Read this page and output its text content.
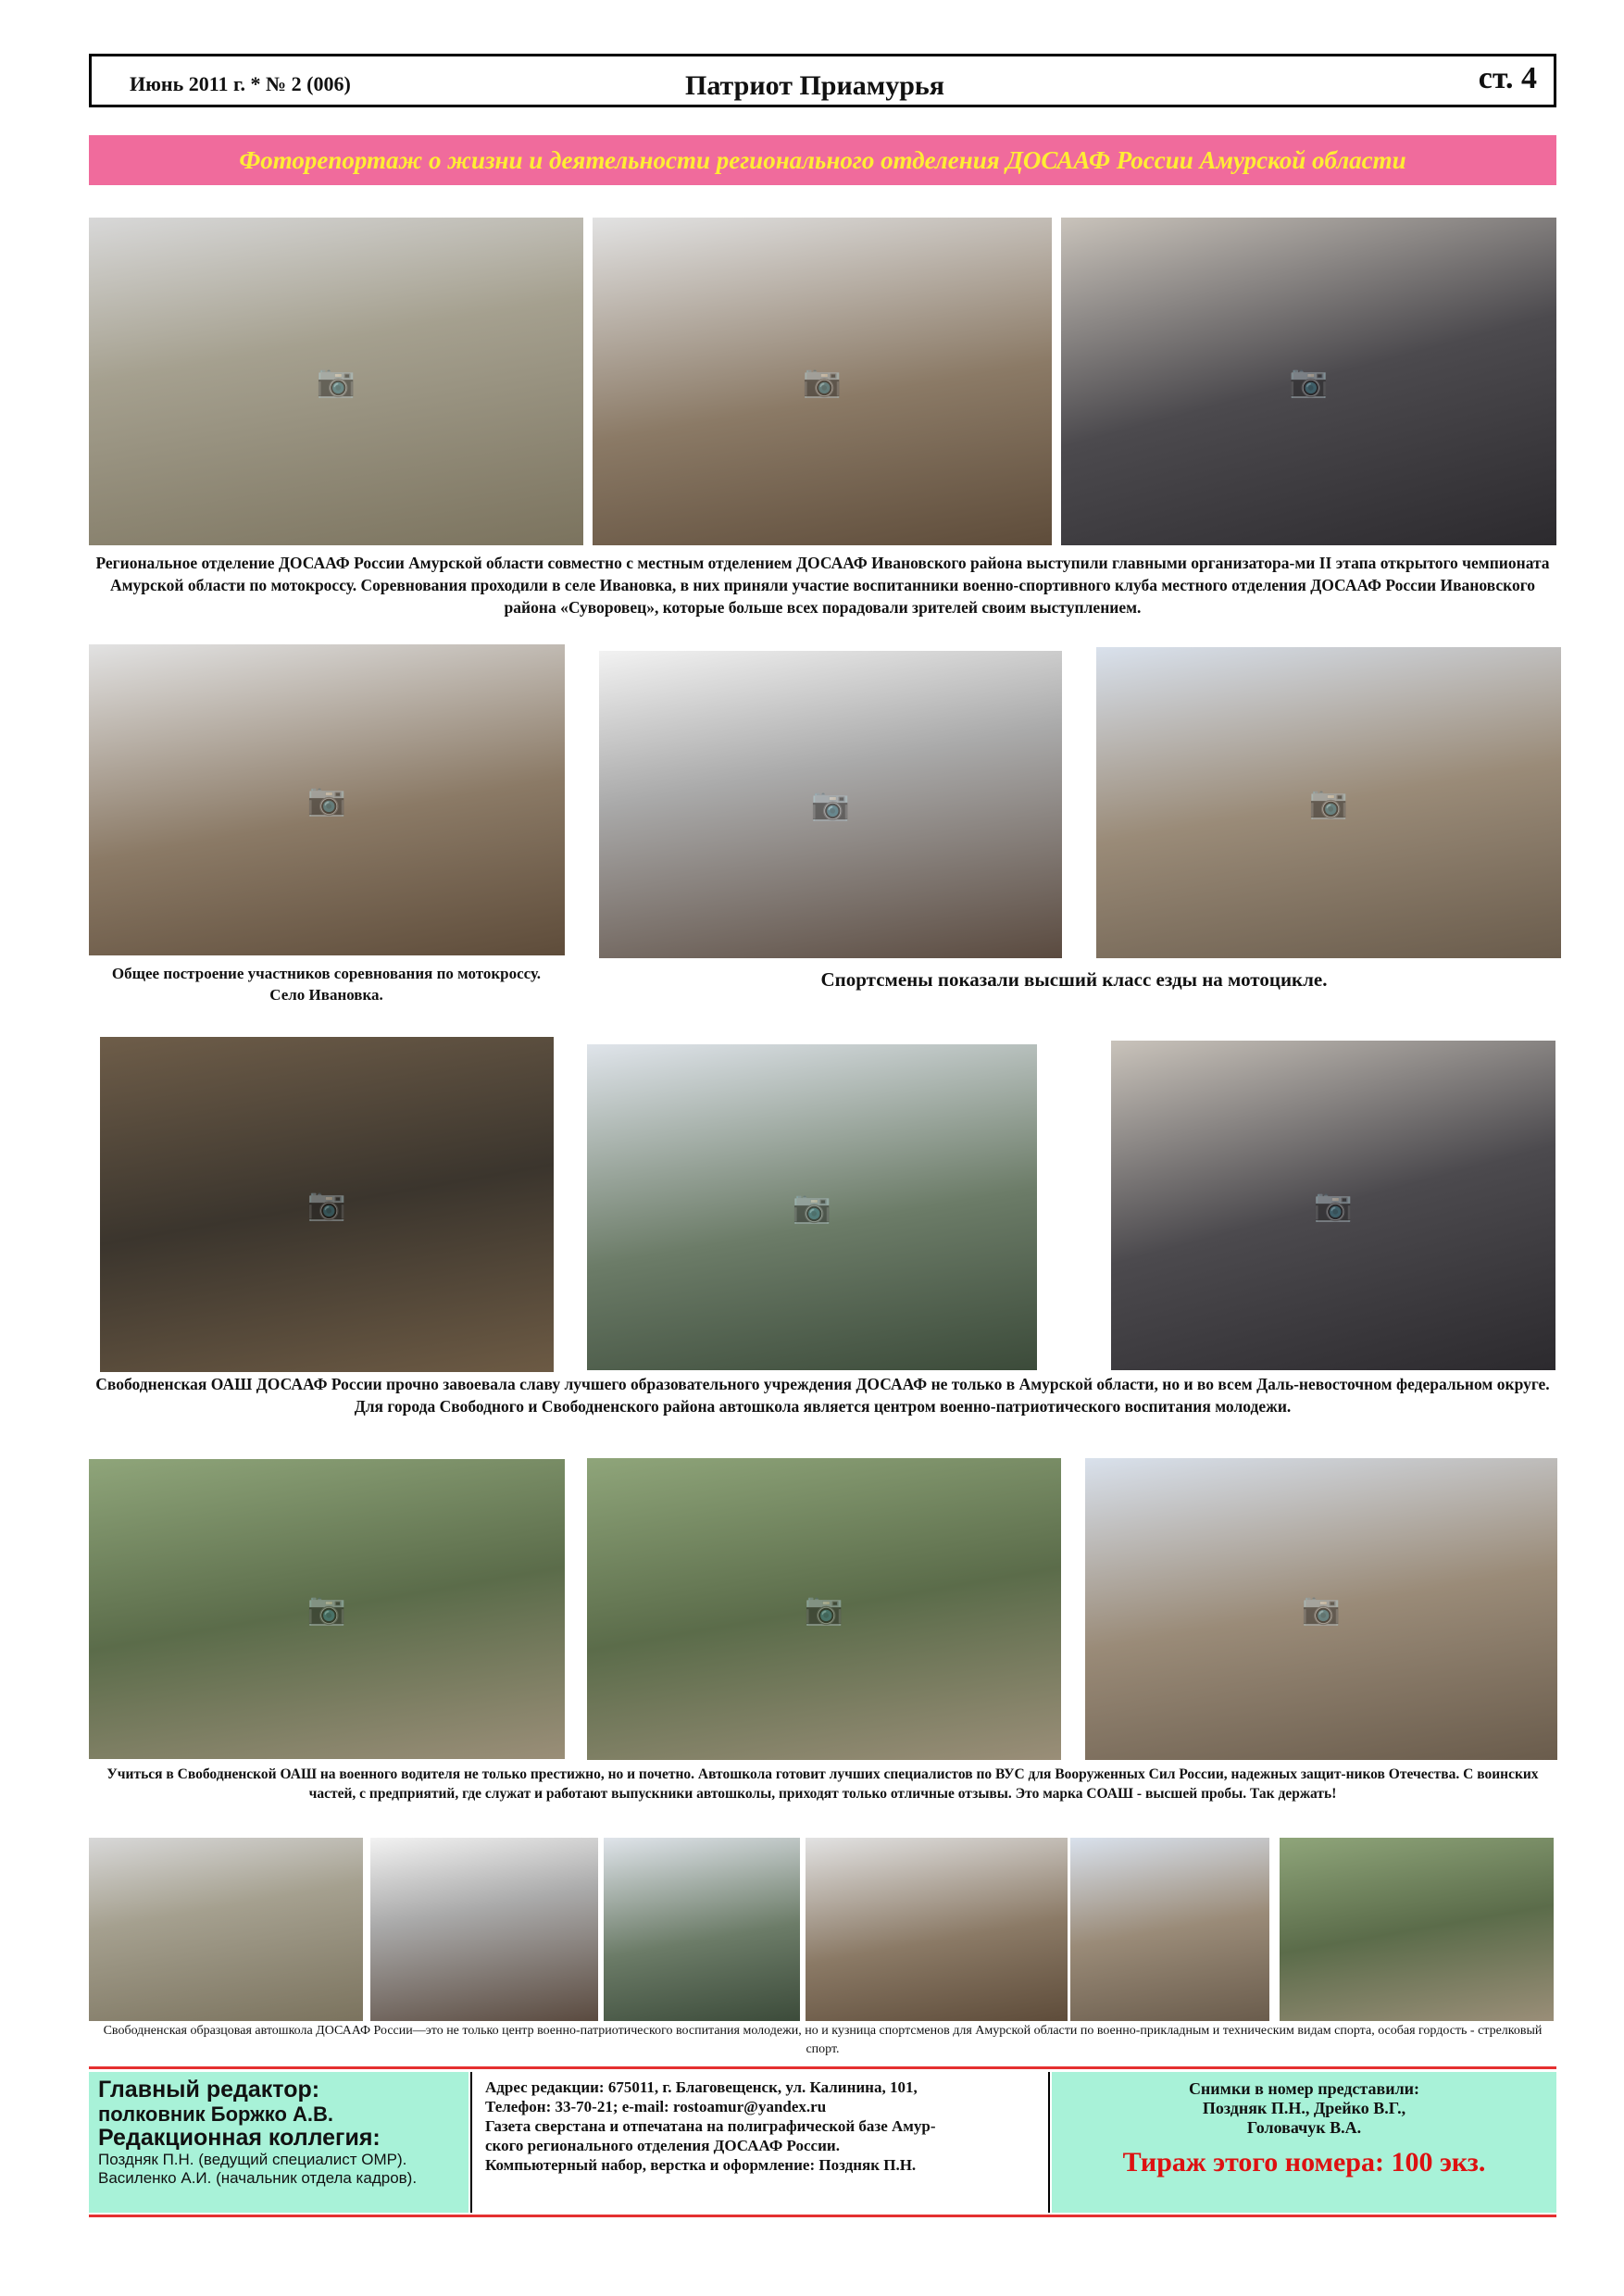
Июнь 2011 г. * № 2 (006)	Патриот Приамурья	ст. 4
Фоторепортаж о жизни и деятельности регионального отделения ДОСААФ России Амурской области
📷	📷	📷
Региональное отделение ДОСААФ России Амурской области совместно с местным отделением ДОСААФ Ивановского района выступили главными организатора-ми II этапа открытого чемпионата Амурской области по мотокроссу. Соревнования проходили в селе Ивановка, в них приняли участие воспитанники военно-спортивного клуба местного отделения ДОСААФ России Ивановского района «Суворовец», которые больше всех порадовали зрителей своим выступлением.
📷	📷	📷
Общее построение участников соревнования по мотокроссу. Село Ивановка.
Спортсмены показали высший класс езды на мотоцикле.
📷	📷	📷
Свободненская ОАШ ДОСААФ России прочно завоевала славу лучшего образовательного учреждения ДОСААФ не только в Амурской области, но и во всем Даль-невосточном федеральном округе. Для города Свободного и Свободненского района автошкола является центром военно-патриотического воспитания молодежи.
📷	📷	📷
Учиться в Свободненской ОАШ на военного водителя не только престижно, но и почетно. Автошкола готовит лучших специалистов по ВУС для Вооруженных Сил России, надежных защит-ников Отечества. С воинских частей, с предприятий, где служат и работают выпускники автошколы, приходят только отличные отзывы. Это марка СОАШ - высшей пробы. Так держать!
Свободненская образцовая автошкола ДОСААФ России—это не только центр военно-патриотического воспитания молодежи, но и кузница спортсменов для Амурской области по военно-прикладным и техническим видам спорта, особая гордость - стрелковый спорт.
Главный редактор:
полковник Боржко А.В.
Редакционная коллегия:
Поздняк П.Н. (ведущий специалист ОМР).
Василенко А.И. (начальник отдела кадров).
Адрес редакции: 675011, г. Благовещенск, ул. Калинина, 101,
Телефон: 33-70-21; e-mail: rostoamur@yandex.ru
Газета сверстана и отпечатана на полиграфической базе Амур-
ского регионального отделения ДОСААФ России.
Компьютерный набор, верстка и оформление: Поздняк П.Н.
Снимки в номер представили:
Поздняк П.Н., Дрейко В.Г.,
Головачук В.А.
Тираж этого номера: 100 экз.
